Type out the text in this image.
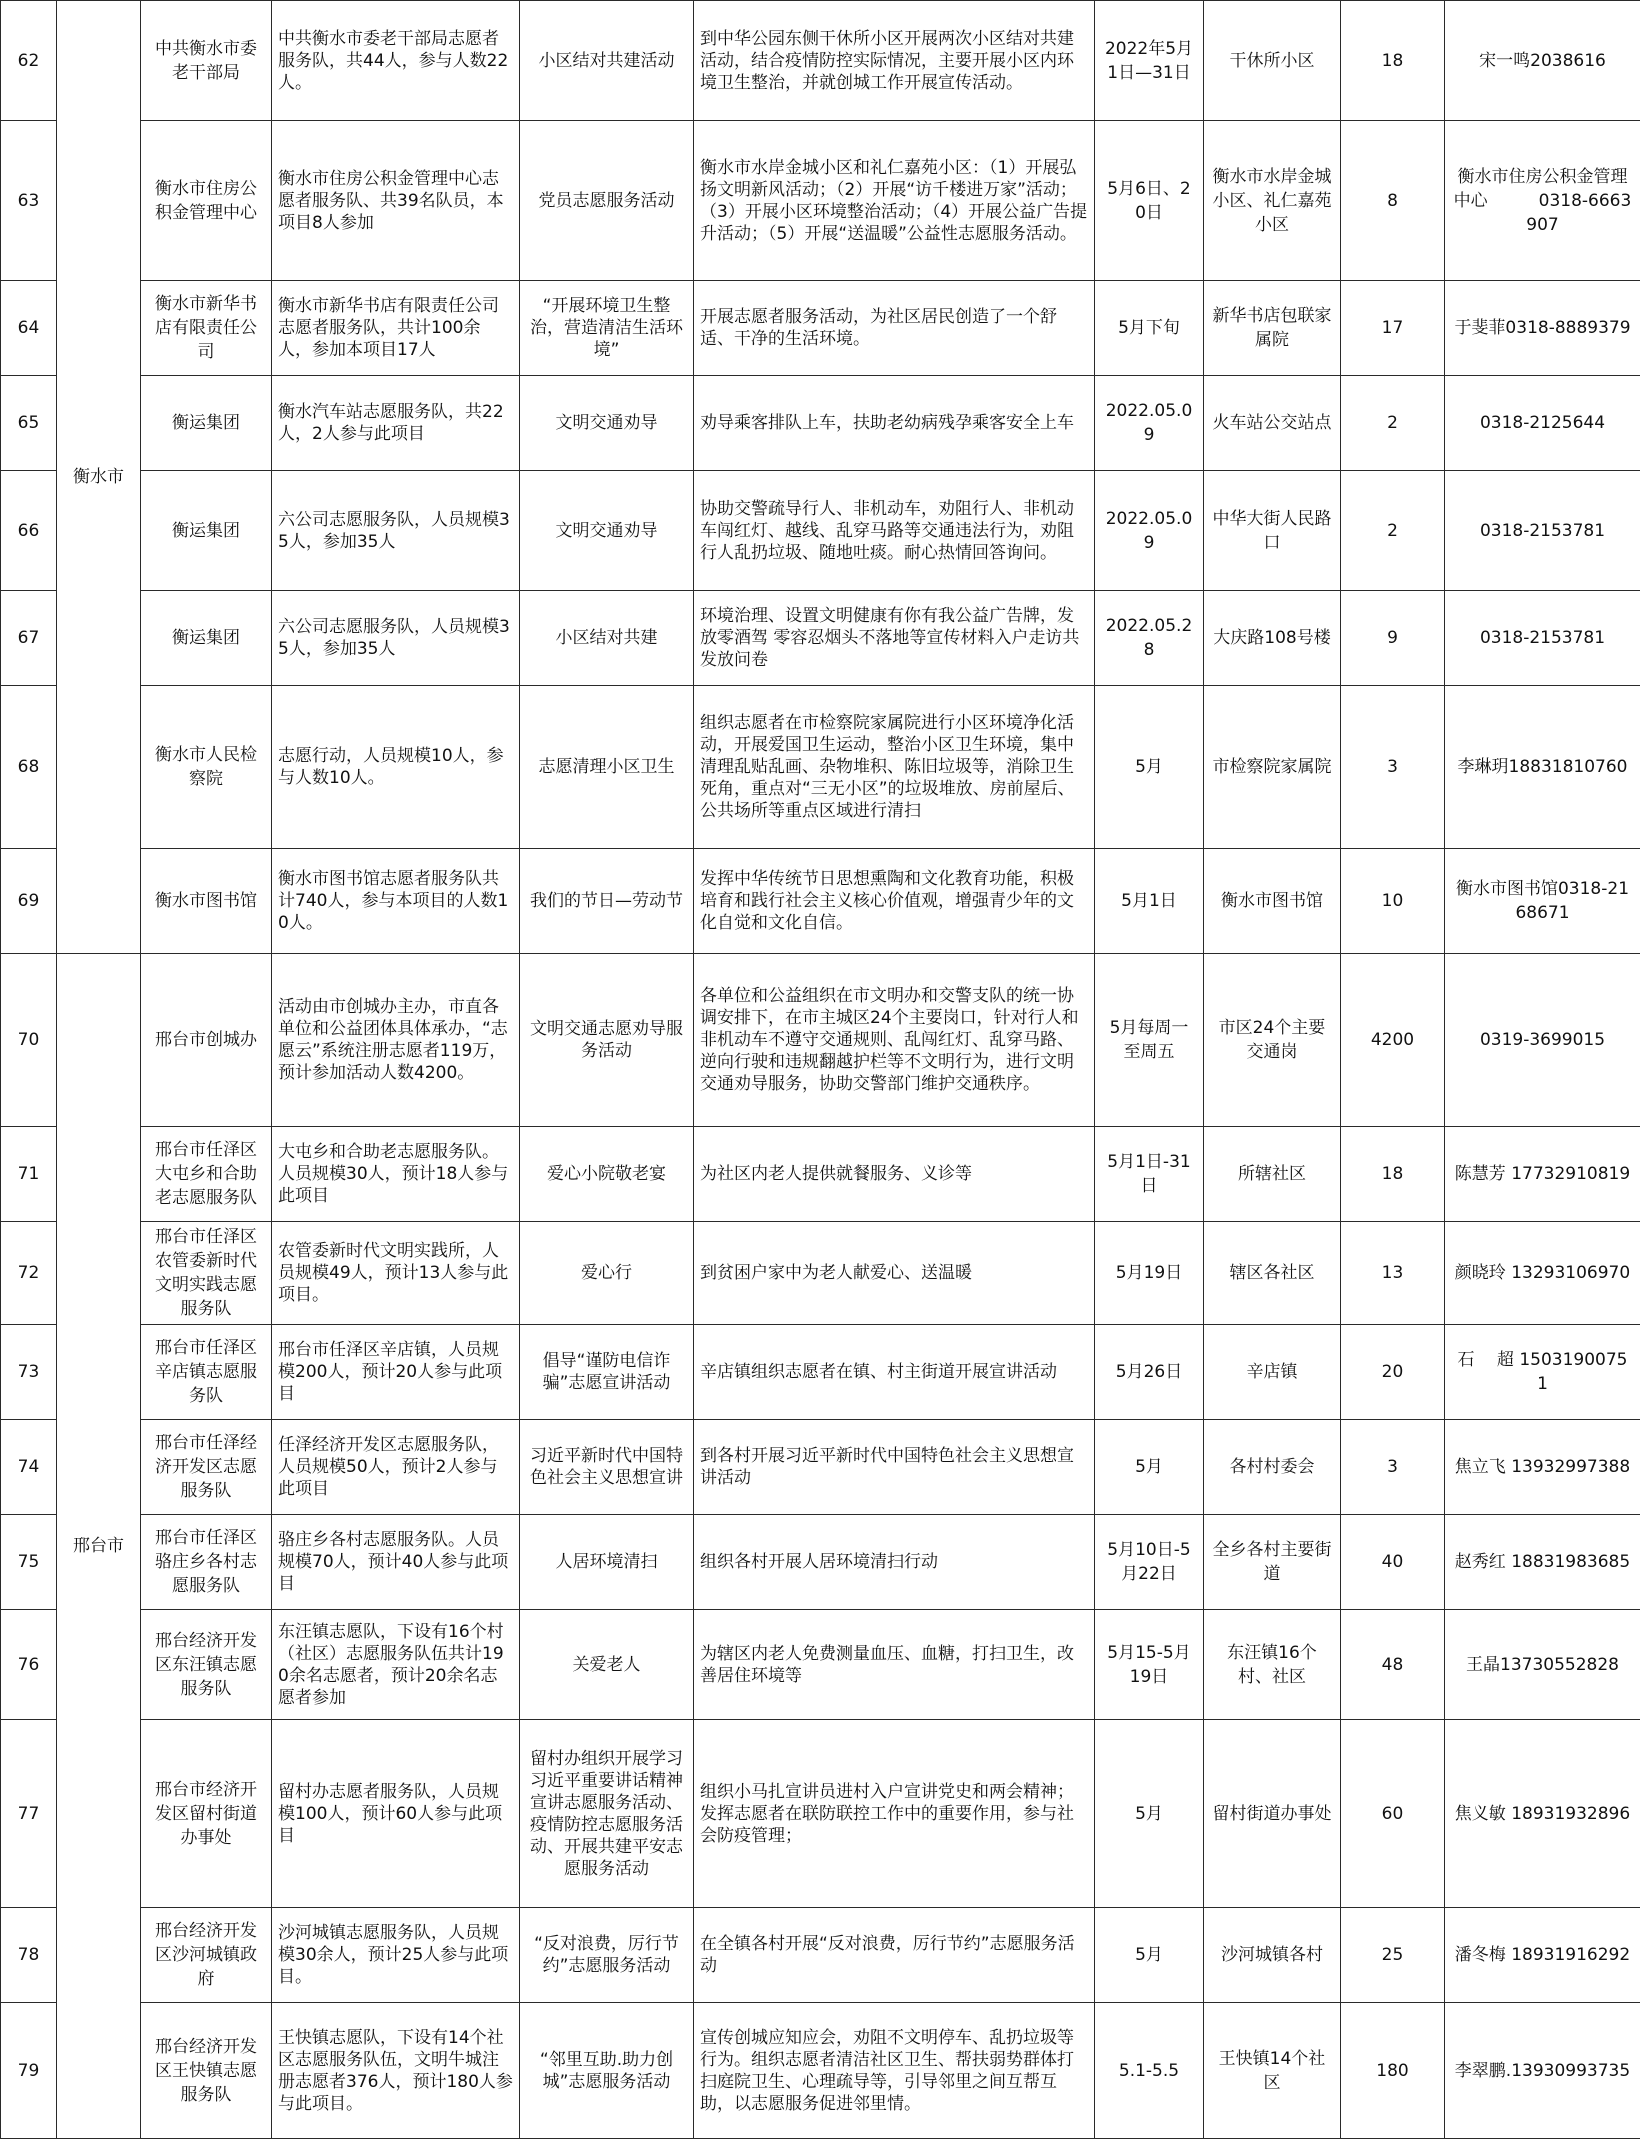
62	衡水市	中共衡水市委老干部局	中共衡水市委老干部局志愿者服务队，共44人，参与人数22人。	小区结对共建活动	到中华公园东侧干休所小区开展两次小区结对共建活动，结合疫情防控实际情况，主要开展小区内环境卫生整治，并就创城工作开展宣传活动。	2022年5月1日—31日	干休所小区	18	宋一鸣2038616
63		衡水市住房公积金管理中心	衡水市住房公积金管理中心志愿者服务队、共39名队员，本项目8人参加	党员志愿服务活动	衡水市水岸金城小区和礼仁嘉苑小区：（1）开展弘扬文明新风活动；（2）开展“访千楼进万家”活动；（3）开展小区环境整治活动；（4）开展公益广告提升活动；（5）开展“送温暖”公益性志愿服务活动。	5月6日、20日	衡水市水岸金城小区、礼仁嘉苑小区	8	衡水市住房公积金管理中心　　　0318-6663907
64		衡水市新华书店有限责任公司	衡水市新华书店有限责任公司志愿者服务队，共计100余人，参加本项目17人	“开展环境卫生整治，营造清洁生活环境”	开展志愿者服务活动，为社区居民创造了一个舒适、干净的生活环境。	5月下旬	新华书店包联家属院	17	于斐菲0318-8889379
65		衡运集团	衡水汽车站志愿服务队，共22人，2人参与此项目	文明交通劝导	劝导乘客排队上车，扶助老幼病残孕乘客安全上车	2022.05.09	火车站公交站点	2	0318-2125644
66		衡运集团	六公司志愿服务队，人员规模35人，参加35人	文明交通劝导	协助交警疏导行人、非机动车，劝阻行人、非机动车闯红灯、越线、乱穿马路等交通违法行为，劝阻行人乱扔垃圾、随地吐痰。耐心热情回答询问。	2022.05.09	中华大街人民路口	2	0318-2153781
67		衡运集团	六公司志愿服务队，人员规模35人，参加35人	小区结对共建	环境治理、设置文明健康有你有我公益广告牌，发放零酒驾 零容忍烟头不落地等宣传材料入户走访共发放问卷	2022.05.28	大庆路108号楼	9	0318-2153781
68		衡水市人民检察院	志愿行动，人员规模10人，参与人数10人。	志愿清理小区卫生	组织志愿者在市检察院家属院进行小区环境净化活动，开展爱国卫生运动，整治小区卫生环境，集中清理乱贴乱画、杂物堆积、陈旧垃圾等，消除卫生死角，重点对“三无小区”的垃圾堆放、房前屋后、公共场所等重点区域进行清扫	5月	市检察院家属院	3	李琳玥18831810760
69		衡水市图书馆	衡水市图书馆志愿者服务队共计740人，参与本项目的人数10人。	我们的节日—劳动节	发挥中华传统节日思想熏陶和文化教育功能，积极培育和践行社会主义核心价值观，增强青少年的文化自觉和文化自信。	5月1日	衡水市图书馆	10	衡水市图书馆0318-2168671
70	邢台市	邢台市创城办	活动由市创城办主办，市直各单位和公益团体具体承办，“志愿云”系统注册志愿者119万，预计参加活动人数4200。	文明交通志愿劝导服务活动	各单位和公益组织在市文明办和交警支队的统一协调安排下，在市主城区24个主要岗口，针对行人和非机动车不遵守交通规则、乱闯红灯、乱穿马路、逆向行驶和违规翻越护栏等不文明行为，进行文明交通劝导服务，协助交警部门维护交通秩序。	5月每周一至周五	市区24个主要交通岗	4200	0319-3699015
71		邢台市任泽区大屯乡和合助老志愿服务队	大屯乡和合助老志愿服务队。人员规模30人，预计18人参与此项目	爱心小院敬老宴	为社区内老人提供就餐服务、义诊等	5月1日-31日	所辖社区	18	陈慧芳 17732910819
72		邢台市任泽区农管委新时代文明实践志愿服务队	农管委新时代文明实践所，人员规模49人，预计13人参与此项目。	爱心行	到贫困户家中为老人献爱心、送温暖	5月19日	辖区各社区	13	颜晓玲 13293106970
73		邢台市任泽区辛店镇志愿服务队	邢台市任泽区辛店镇，人员规模200人，预计20人参与此项目	倡导“谨防电信诈骗”志愿宣讲活动	辛店镇组织志愿者在镇、村主街道开展宣讲活动	5月26日	辛店镇	20	石　 超 15031900751
74		邢台市任泽经济开发区志愿服务队	任泽经济开发区志愿服务队，人员规模50人，预计2人参与此项目	习近平新时代中国特色社会主义思想宣讲	到各村开展习近平新时代中国特色社会主义思想宣讲活动	5月	各村村委会	3	焦立飞 13932997388
75		邢台市任泽区骆庄乡各村志愿服务队	骆庄乡各村志愿服务队。人员规模70人，预计40人参与此项目	人居环境清扫	组织各村开展人居环境清扫行动	5月10日-5月22日	全乡各村主要街道	40	赵秀红 18831983685
76		邢台经济开发区东汪镇志愿服务队	东汪镇志愿队，下设有16个村（社区）志愿服务队伍共计190余名志愿者，预计20余名志愿者参加	关爱老人	为辖区内老人免费测量血压、血糖，打扫卫生，改善居住环境等	5月15-5月19日	东汪镇16个村、社区	48	王晶13730552828
77		邢台市经济开发区留村街道办事处	留村办志愿者服务队，人员规模100人，预计60人参与此项目	留村办组织开展学习习近平重要讲话精神宣讲志愿服务活动、疫情防控志愿服务活动、开展共建平安志愿服务活动	组织小马扎宣讲员进村入户宣讲党史和两会精神；发挥志愿者在联防联控工作中的重要作用，参与社会防疫管理；	5月	留村街道办事处	60	焦义敏 18931932896
78		邢台经济开发区沙河城镇政府	沙河城镇志愿服务队，人员规模30余人，预计25人参与此项目。	“反对浪费，厉行节约”志愿服务活动	在全镇各村开展“反对浪费，厉行节约”志愿服务活动	5月	沙河城镇各村	25	潘冬梅 18931916292
79		邢台经济开发区王快镇志愿服务队	王快镇志愿队，下设有14个社区志愿服务队伍，文明牛城注册志愿者376人，预计180人参与此项目。	“邻里互助.助力创城”志愿服务活动	宣传创城应知应会，劝阻不文明停车、乱扔垃圾等行为。组织志愿者清洁社区卫生、帮扶弱势群体打扫庭院卫生、心理疏导等，引导邻里之间互帮互助，以志愿服务促进邻里情。	5.1-5.5	王快镇14个社区	180	李翠鹏.13930993735
